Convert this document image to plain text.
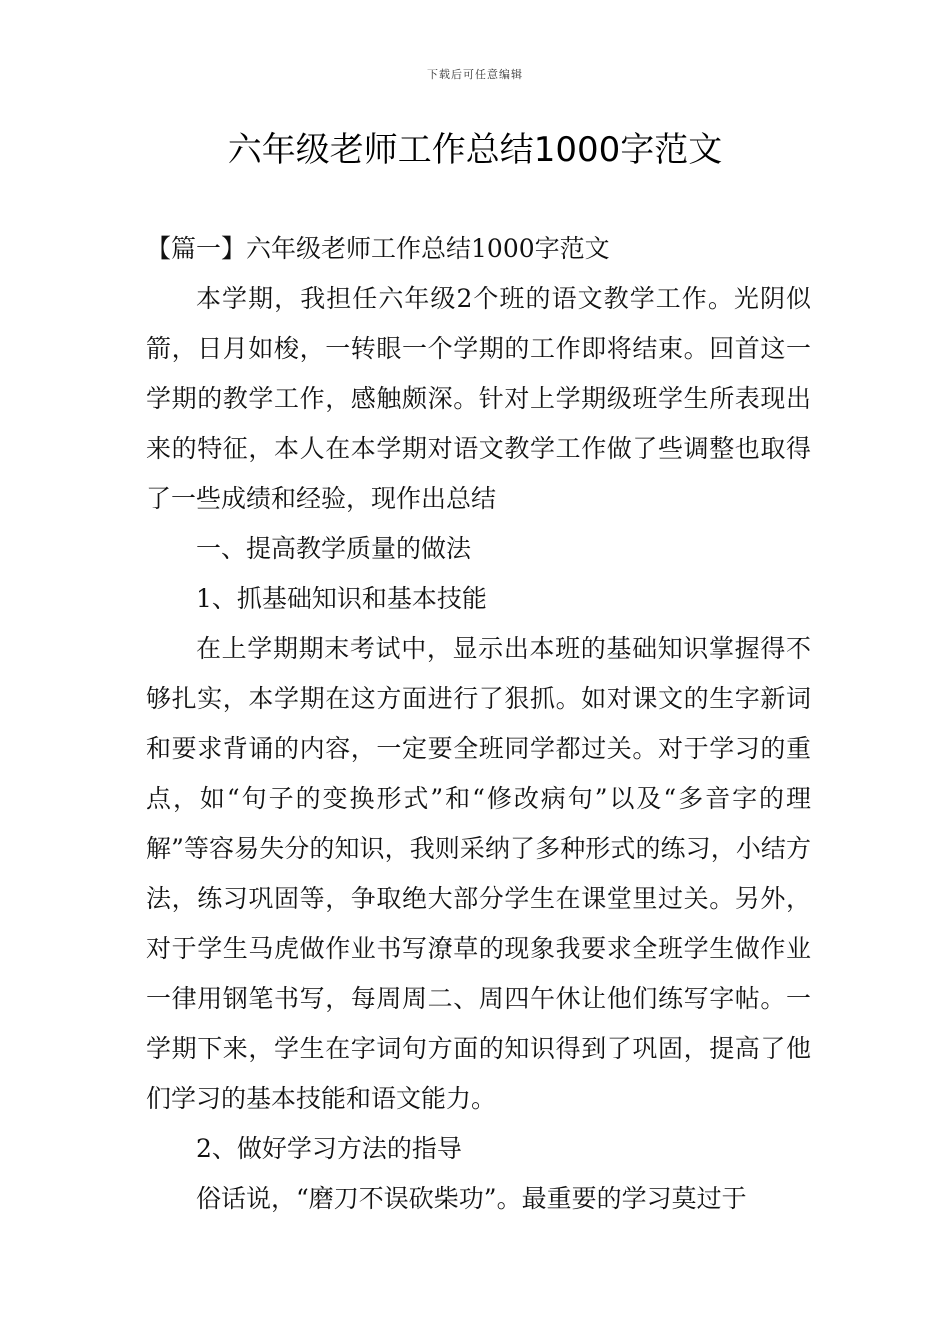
下载后可任意编辑
六年级老师工作总结1000字范文

【篇一】六年级老师工作总结1000字范文

本学期，我担任六年级2个班的语文教学工作。光阴似箭，日月如梭，一转眼一个学期的工作即将结束。回首这一学期的教学工作，感触颇深。针对上学期级班学生所表现出来的特征，本人在本学期对语文教学工作做了些调整也取得了一些成绩和经验，现作出总结

一、提高教学质量的做法

1、抓基础知识和基本技能

在上学期期末考试中，显示出本班的基础知识掌握得不够扎实，本学期在这方面进行了狠抓。如对课文的生字新词和要求背诵的内容，一定要全班同学都过关。对于学习的重点，如“句子的变换形式”和“修改病句”以及“多音字的理解”等容易失分的知识，我则采纳了多种形式的练习，小结方法，练习巩固等，争取绝大部分学生在课堂里过关。另外，对于学生马虎做作业书写潦草的现象我要求全班学生做作业一律用钢笔书写，每周周二、周四午休让他们练写字帖。一学期下来，学生在字词句方面的知识得到了巩固，提高了他们学习的基本技能和语文能力。

2、做好学习方法的指导

俗话说，“磨刀不误砍柴功”。最重要的学习莫过于
